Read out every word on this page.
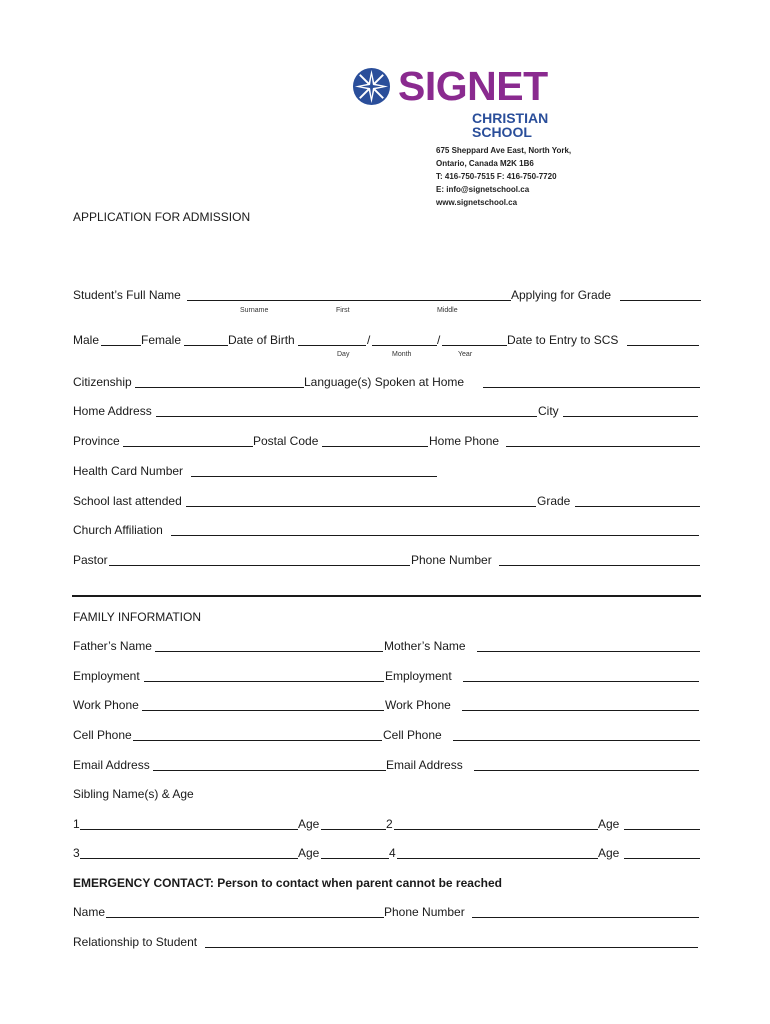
SIGNET
CHRISTIAN
SCHOOL
675 Sheppard Ave East, North York,
Ontario, Canada M2K 1B6
T: 416-750-7515 F: 416-750-7720
E: info@signetschool.ca
www.signetschool.ca
APPLICATION FOR ADMISSION
Student’s Full Name	Applying for Grade
Surname	First	Middle
Male	Female	Date of Birth	/	/	Date to Entry to SCS
Day	Month	Year
Citizenship	Language(s) Spoken at Home
Home Address	City
Province	Postal Code	Home Phone
Health Card Number
School last attended	Grade
Church Affiliation
Pastor	Phone Number
FAMILY INFORMATION
Father’s Name	Mother’s Name
Employment	Employment
Work Phone	Work Phone
Cell Phone	Cell Phone
Email Address	Email Address
Sibling Name(s) & Age
1	Age	2	Age
3	Age	4	Age
EMERGENCY CONTACT: Person to contact when parent cannot be reached
Name	Phone Number
Relationship to Student
